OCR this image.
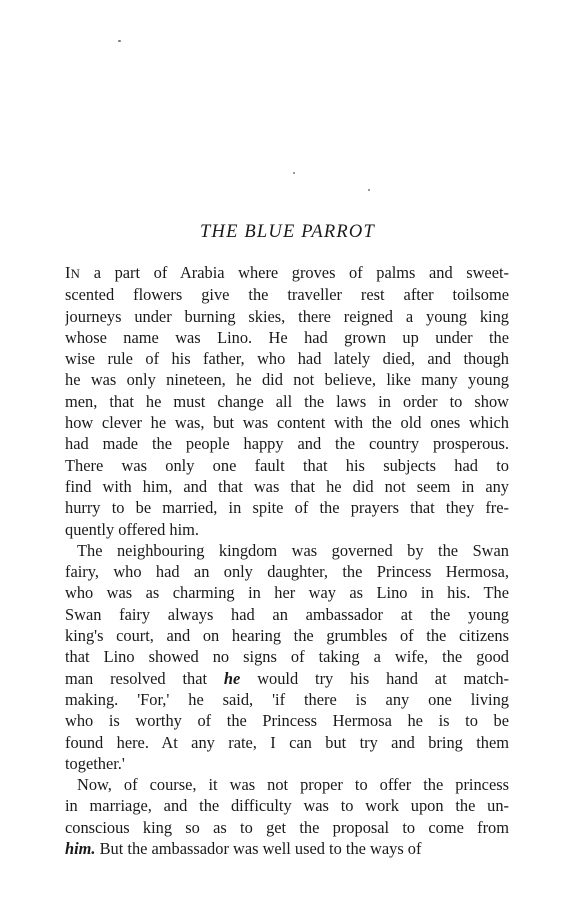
THE BLUE PARROT
IN a part of Arabia where groves of palms and sweet-
scented flowers give the traveller rest after toilsome
journeys under burning skies, there reigned a young king
whose name was Lino. He had grown up under the
wise rule of his father, who had lately died, and though
he was only nineteen, he did not believe, like many young
men, that he must change all the laws in order to show
how clever he was, but was content with the old ones which
had made the people happy and the country prosperous.
There was only one fault that his subjects had to
find with him, and that was that he did not seem in any
hurry to be married, in spite of the prayers that they fre-
quently offered him.
The neighbouring kingdom was governed by the Swan
fairy, who had an only daughter, the Princess Hermosa,
who was as charming in her way as Lino in his. The
Swan fairy always had an ambassador at the young
king's court, and on hearing the grumbles of the citizens
that Lino showed no signs of taking a wife, the good
man resolved that he would try his hand at match-
making. 'For,' he said, 'if there is any one living
who is worthy of the Princess Hermosa he is to be
found here. At any rate, I can but try and bring them
together.'
Now, of course, it was not proper to offer the princess
in marriage, and the difficulty was to work upon the un-
conscious king so as to get the proposal to come from
him. But the ambassador was well used to the ways of
